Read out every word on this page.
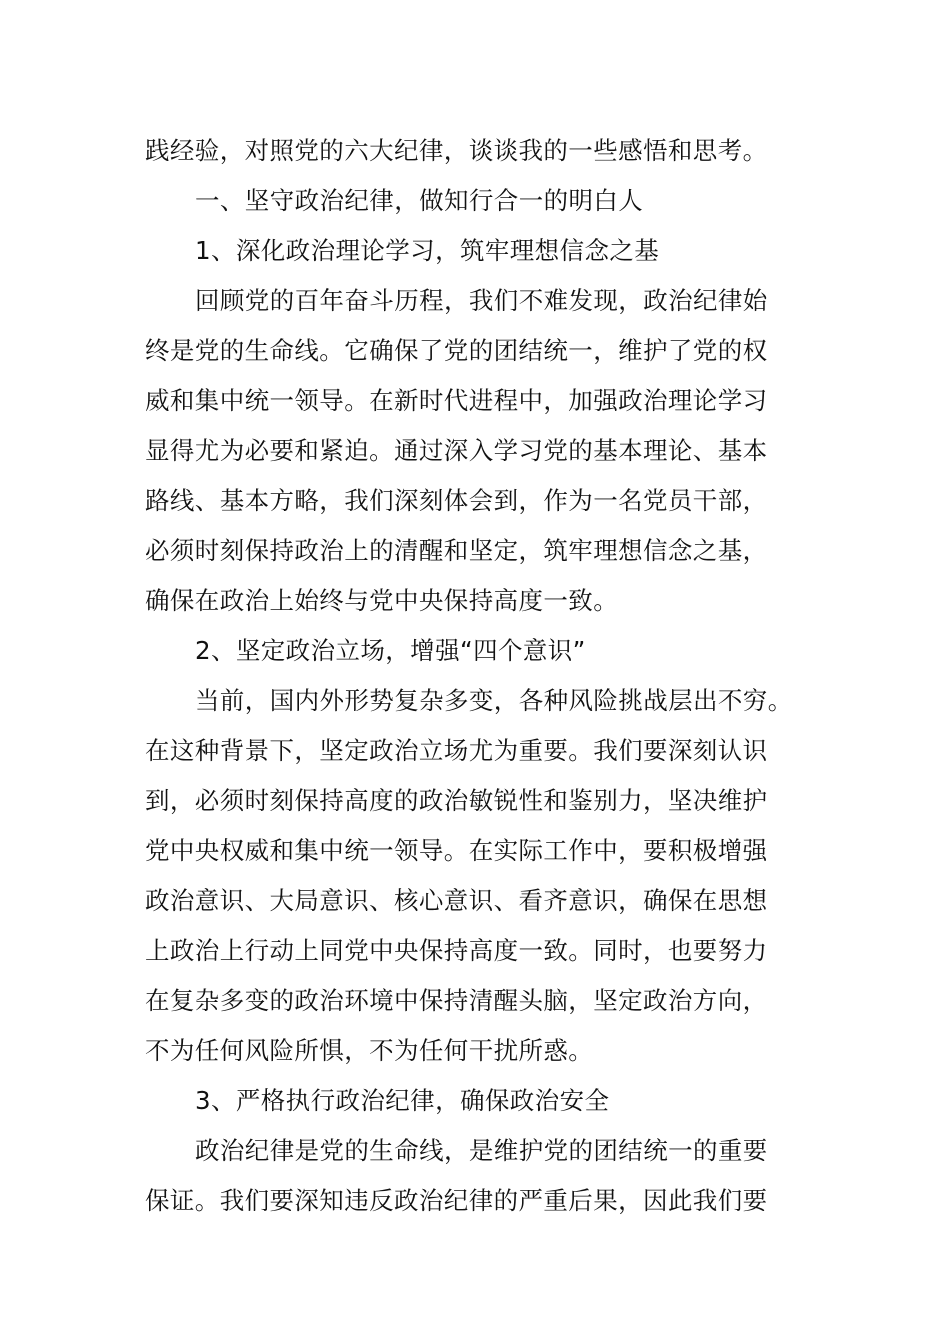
践经验，对照党的六大纪律，谈谈我的一些感悟和思考。
一、坚守政治纪律，做知行合一的明白人
1、深化政治理论学习，筑牢理想信念之基
回顾党的百年奋斗历程，我们不难发现，政治纪律始
终是党的生命线。它确保了党的团结统一，维护了党的权
威和集中统一领导。在新时代进程中，加强政治理论学习
显得尤为必要和紧迫。通过深入学习党的基本理论、基本
路线、基本方略，我们深刻体会到，作为一名党员干部，
必须时刻保持政治上的清醒和坚定，筑牢理想信念之基，
确保在政治上始终与党中央保持高度一致。
2、坚定政治立场，增强“四个意识”
当前，国内外形势复杂多变，各种风险挑战层出不穷。
在这种背景下，坚定政治立场尤为重要。我们要深刻认识
到，必须时刻保持高度的政治敏锐性和鉴别力，坚决维护
党中央权威和集中统一领导。在实际工作中，要积极增强
政治意识、大局意识、核心意识、看齐意识，确保在思想
上政治上行动上同党中央保持高度一致。同时，也要努力
在复杂多变的政治环境中保持清醒头脑，坚定政治方向，
不为任何风险所惧，不为任何干扰所惑。
3、严格执行政治纪律，确保政治安全
政治纪律是党的生命线，是维护党的团结统一的重要
保证。我们要深知违反政治纪律的严重后果，因此我们要
